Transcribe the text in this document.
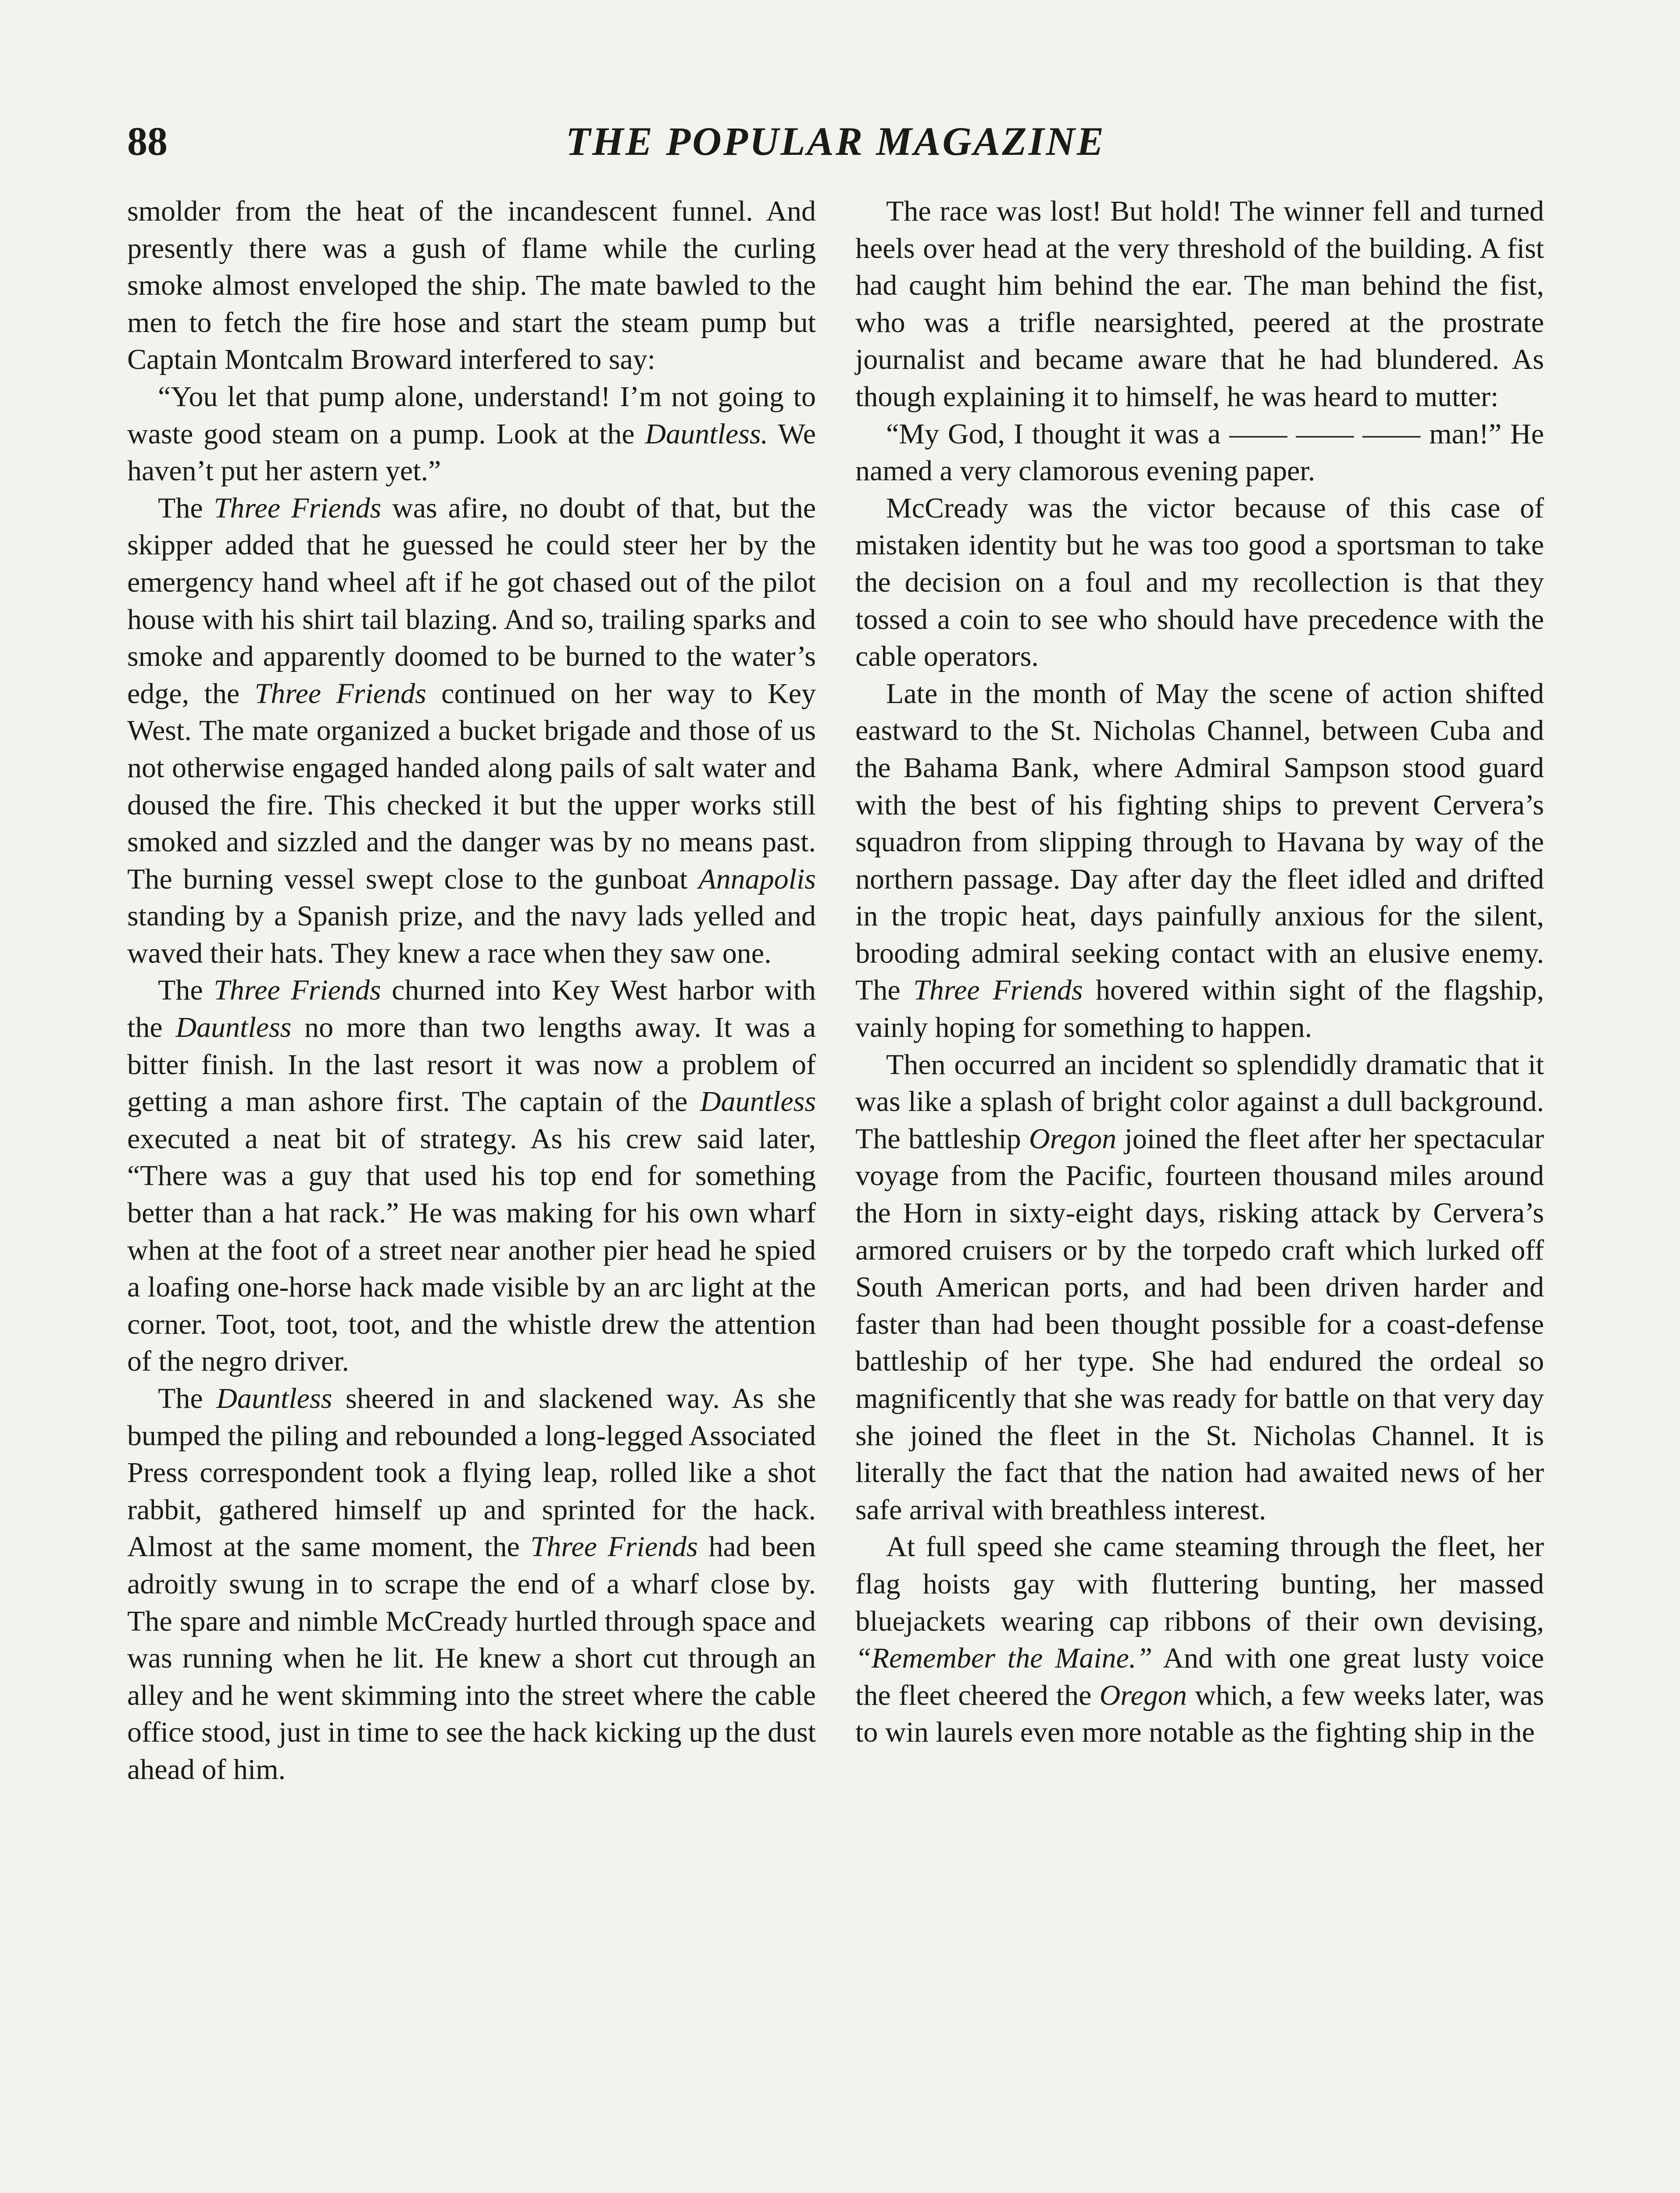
88	THE POPULAR MAGAZINE

smolder from the heat of the incandescent funnel. And presently there was a gush of flame while the curling smoke almost enveloped the ship. The mate bawled to the men to fetch the fire hose and start the steam pump but Captain Montcalm Broward interfered to say:

“You let that pump alone, understand! I’m not going to waste good steam on a pump. Look at the Dauntless. We haven’t put her astern yet.”

The Three Friends was afire, no doubt of that, but the skipper added that he guessed he could steer her by the emergency hand wheel aft if he got chased out of the pilot house with his shirt tail blazing. And so, trailing sparks and smoke and apparently doomed to be burned to the water’s edge, the Three Friends continued on her way to Key West. The mate organized a bucket brigade and those of us not otherwise engaged handed along pails of salt water and doused the fire. This checked it but the upper works still smoked and sizzled and the danger was by no means past. The burning vessel swept close to the gunboat Annapolis standing by a Spanish prize, and the navy lads yelled and waved their hats. They knew a race when they saw one.

The Three Friends churned into Key West harbor with the Dauntless no more than two lengths away. It was a bitter finish. In the last resort it was now a problem of getting a man ashore first. The captain of the Dauntless executed a neat bit of strategy. As his crew said later, “There was a guy that used his top end for something better than a hat rack.” He was making for his own wharf when at the foot of a street near another pier head he spied a loafing one-horse hack made visible by an arc light at the corner. Toot, toot, toot, and the whistle drew the attention of the negro driver.

The Dauntless sheered in and slackened way. As she bumped the piling and rebounded a long-legged Associated Press correspondent took a flying leap, rolled like a shot rabbit, gathered himself up and sprinted for the hack. Almost at the same moment, the Three Friends had been adroitly swung in to scrape the end of a wharf close by. The spare and nimble McCready hurtled through space and was running when he lit. He knew a short cut through an alley and he went skimming into the street where the cable office stood, just in time to see the hack kicking up the dust ahead of him.

The race was lost! But hold! The winner fell and turned heels over head at the very threshold of the building. A fist had caught him behind the ear. The man behind the fist, who was a trifle nearsighted, peered at the prostrate journalist and became aware that he had blundered. As though explaining it to himself, he was heard to mutter:

“My God, I thought it was a —— —— —— man!” He named a very clamorous evening paper.

McCready was the victor because of this case of mistaken identity but he was too good a sportsman to take the decision on a foul and my recollection is that they tossed a coin to see who should have precedence with the cable operators.

Late in the month of May the scene of action shifted eastward to the St. Nicholas Channel, between Cuba and the Bahama Bank, where Admiral Sampson stood guard with the best of his fighting ships to prevent Cervera’s squadron from slipping through to Havana by way of the northern passage. Day after day the fleet idled and drifted in the tropic heat, days painfully anxious for the silent, brooding admiral seeking contact with an elusive enemy. The Three Friends hovered within sight of the flagship, vainly hoping for something to happen.

Then occurred an incident so splendidly dramatic that it was like a splash of bright color against a dull background. The battleship Oregon joined the fleet after her spectacular voyage from the Pacific, fourteen thousand miles around the Horn in sixty-eight days, risking attack by Cervera’s armored cruisers or by the torpedo craft which lurked off South American ports, and had been driven harder and faster than had been thought possible for a coast-defense battleship of her type. She had endured the ordeal so magnificently that she was ready for battle on that very day she joined the fleet in the St. Nicholas Channel. It is literally the fact that the nation had awaited news of her safe arrival with breathless interest.

At full speed she came steaming through the fleet, her flag hoists gay with fluttering bunting, her massed bluejackets wearing cap ribbons of their own devising, “Remember the Maine.” And with one great lusty voice the fleet cheered the Oregon which, a few weeks later, was to win laurels even more notable as the fighting ship in the
